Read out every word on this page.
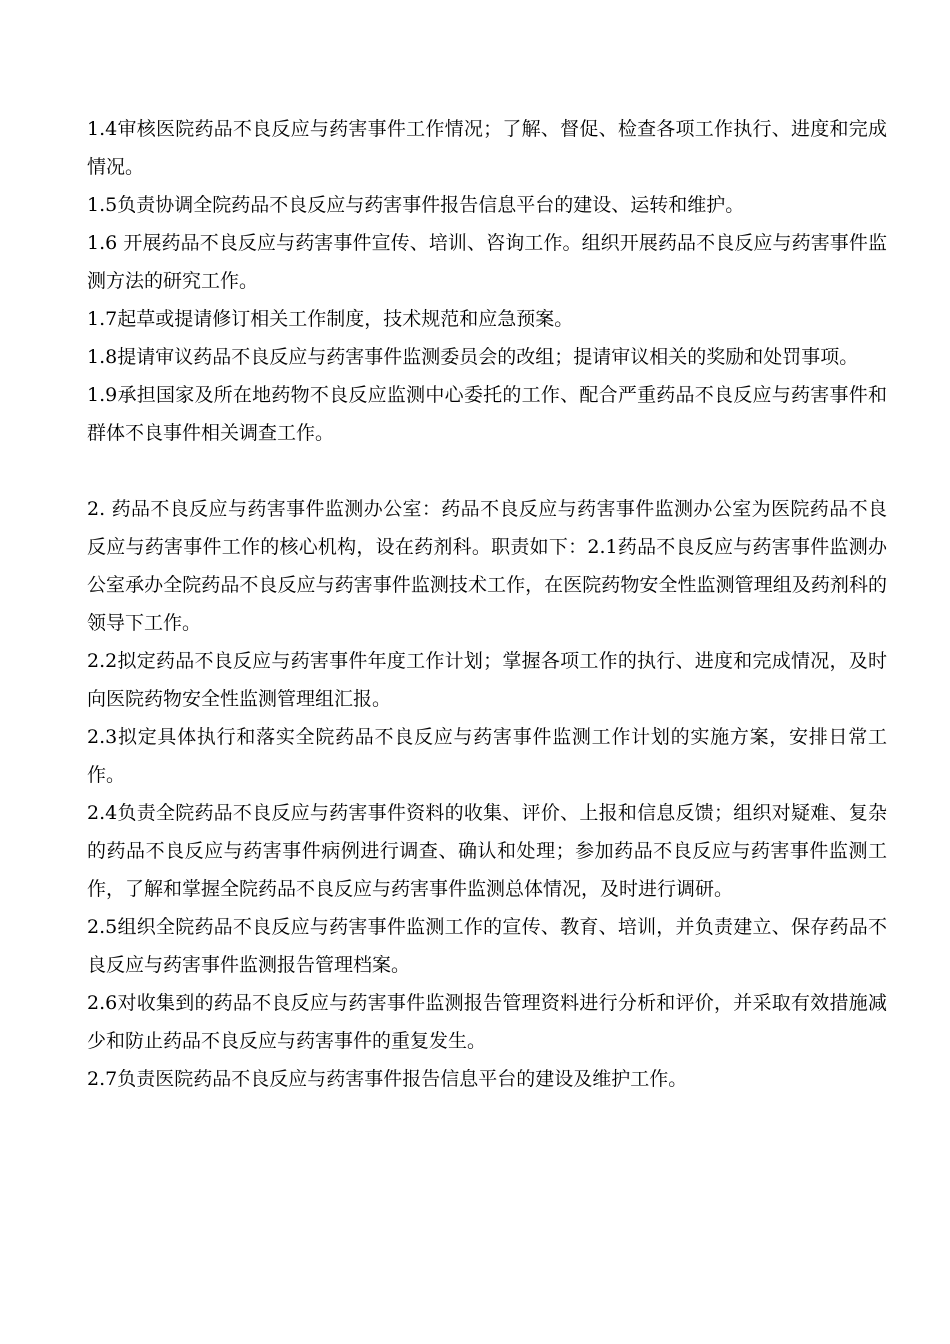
1.4审核医院药品不良反应与药害事件工作情况；了解、督促、检查各项工作执行、进度和完成情况。

1.5负责协调全院药品不良反应与药害事件报告信息平台的建设、运转和维护。

1.6 开展药品不良反应与药害事件宣传、培训、咨询工作。组织开展药品不良反应与药害事件监测方法的研究工作。

1.7起草或提请修订相关工作制度，技术规范和应急预案。

1.8提请审议药品不良反应与药害事件监测委员会的改组；提请审议相关的奖励和处罚事项。

1.9承担国家及所在地药物不良反应监测中心委托的工作、配合严重药品不良反应与药害事件和群体不良事件相关调查工作。

2. 药品不良反应与药害事件监测办公室：药品不良反应与药害事件监测办公室为医院药品不良反应与药害事件工作的核心机构，设在药剂科。职责如下：2.1药品不良反应与药害事件监测办公室承办全院药品不良反应与药害事件监测技术工作，在医院药物安全性监测管理组及药剂科的领导下工作。

2.2拟定药品不良反应与药害事件年度工作计划；掌握各项工作的执行、进度和完成情况，及时向医院药物安全性监测管理组汇报。

2.3拟定具体执行和落实全院药品不良反应与药害事件监测工作计划的实施方案，安排日常工作。

2.4负责全院药品不良反应与药害事件资料的收集、评价、上报和信息反馈；组织对疑难、复杂的药品不良反应与药害事件病例进行调查、确认和处理；参加药品不良反应与药害事件监测工作，了解和掌握全院药品不良反应与药害事件监测总体情况，及时进行调研。

2.5组织全院药品不良反应与药害事件监测工作的宣传、教育、培训，并负责建立、保存药品不良反应与药害事件监测报告管理档案。

2.6对收集到的药品不良反应与药害事件监测报告管理资料进行分析和评价，并采取有效措施减少和防止药品不良反应与药害事件的重复发生。

2.7负责医院药品不良反应与药害事件报告信息平台的建设及维护工作。
